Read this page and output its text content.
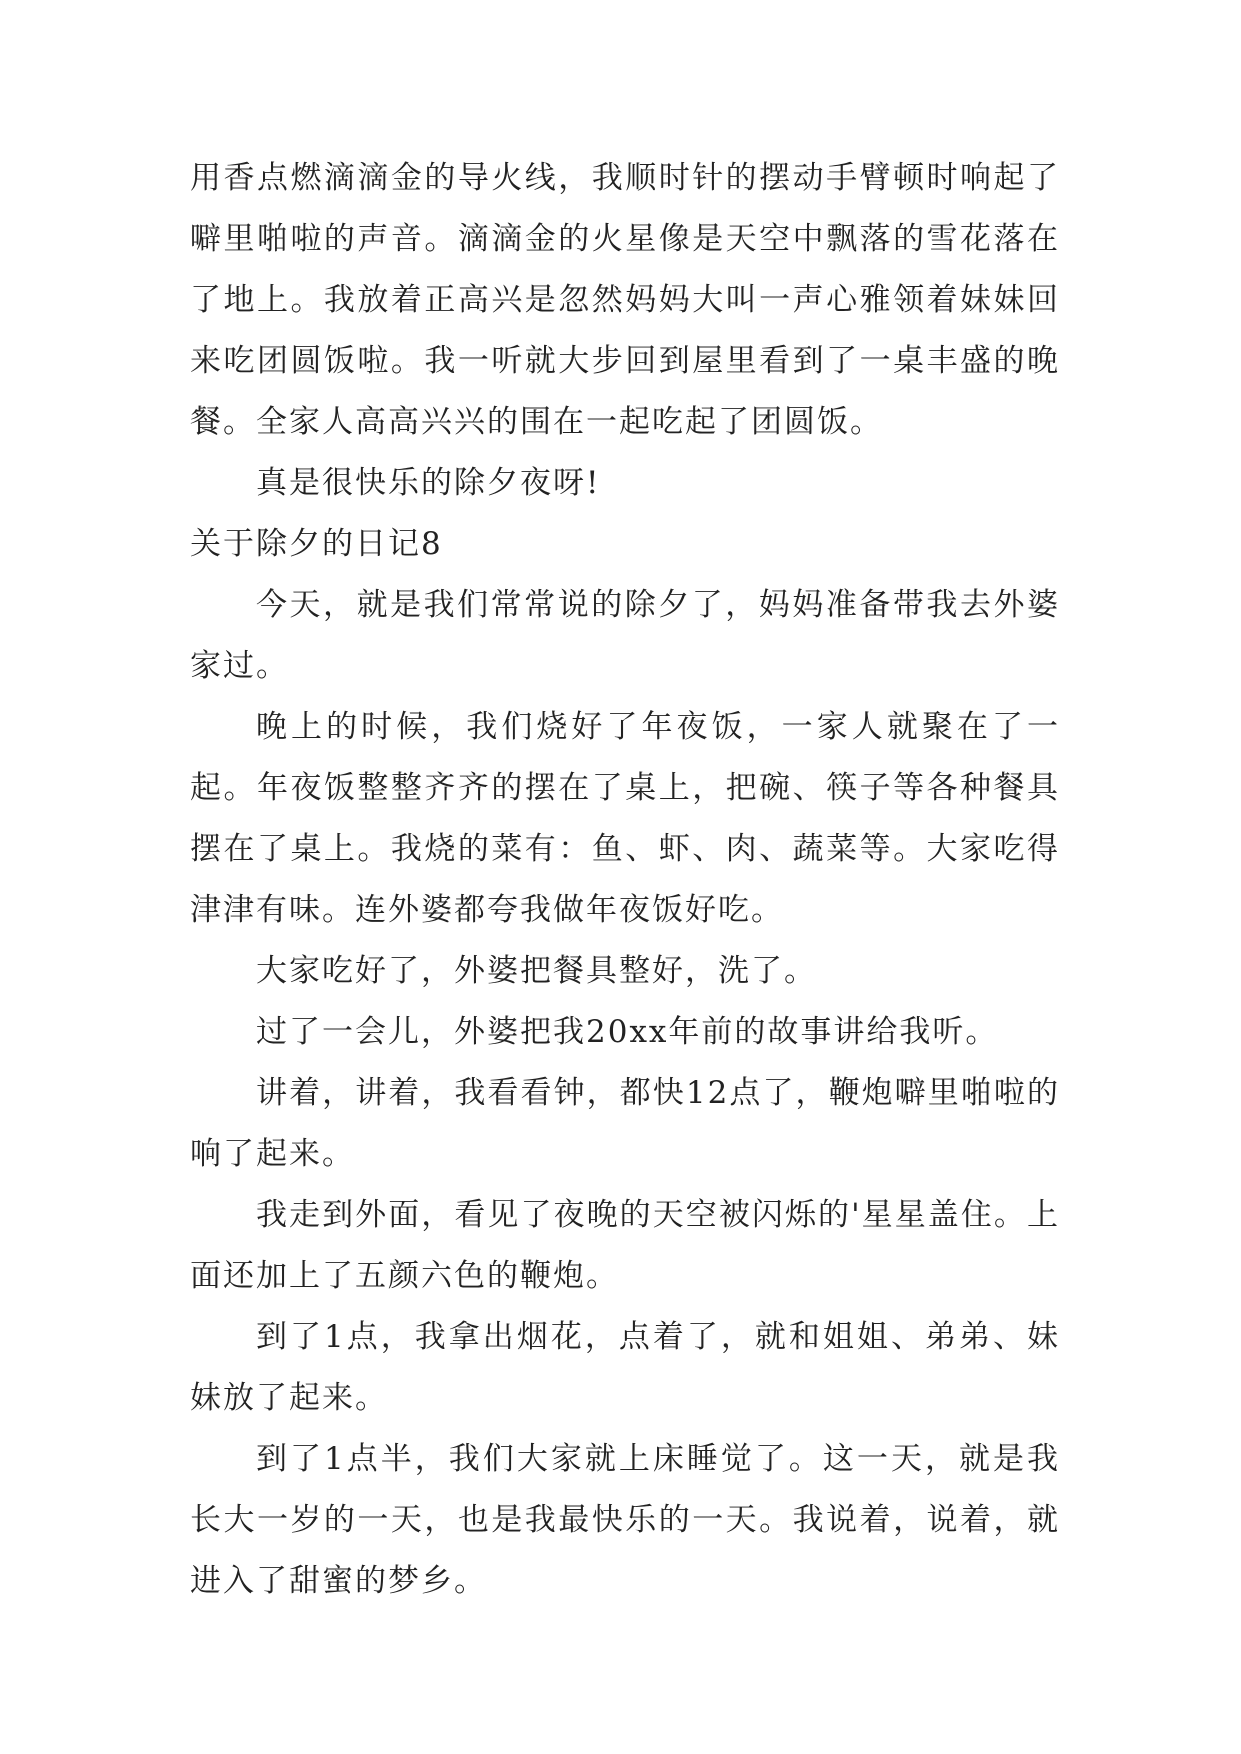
用香点燃滴滴金的导火线，我顺时针的摆动手臂顿时响起了噼里啪啦的声音。滴滴金的火星像是天空中飘落的雪花落在了地上。我放着正高兴是忽然妈妈大叫一声心雅领着妹妹回来吃团圆饭啦。我一听就大步回到屋里看到了一桌丰盛的晚餐。全家人高高兴兴的围在一起吃起了团圆饭。

真是很快乐的除夕夜呀!

关于除夕的日记8

今天，就是我们常常说的除夕了，妈妈准备带我去外婆家过。

晚上的时候，我们烧好了年夜饭，一家人就聚在了一起。年夜饭整整齐齐的摆在了桌上，把碗、筷子等各种餐具摆在了桌上。我烧的菜有：鱼、虾、肉、蔬菜等。大家吃得津津有味。连外婆都夸我做年夜饭好吃。

大家吃好了，外婆把餐具整好，洗了。

过了一会儿，外婆把我20xx年前的故事讲给我听。

讲着，讲着，我看看钟，都快12点了，鞭炮噼里啪啦的响了起来。

我走到外面，看见了夜晚的天空被闪烁的'星星盖住。上面还加上了五颜六色的鞭炮。

到了1点，我拿出烟花，点着了，就和姐姐、弟弟、妹妹放了起来。

到了1点半，我们大家就上床睡觉了。这一天，就是我长大一岁的一天，也是我最快乐的一天。我说着，说着，就进入了甜蜜的梦乡。
